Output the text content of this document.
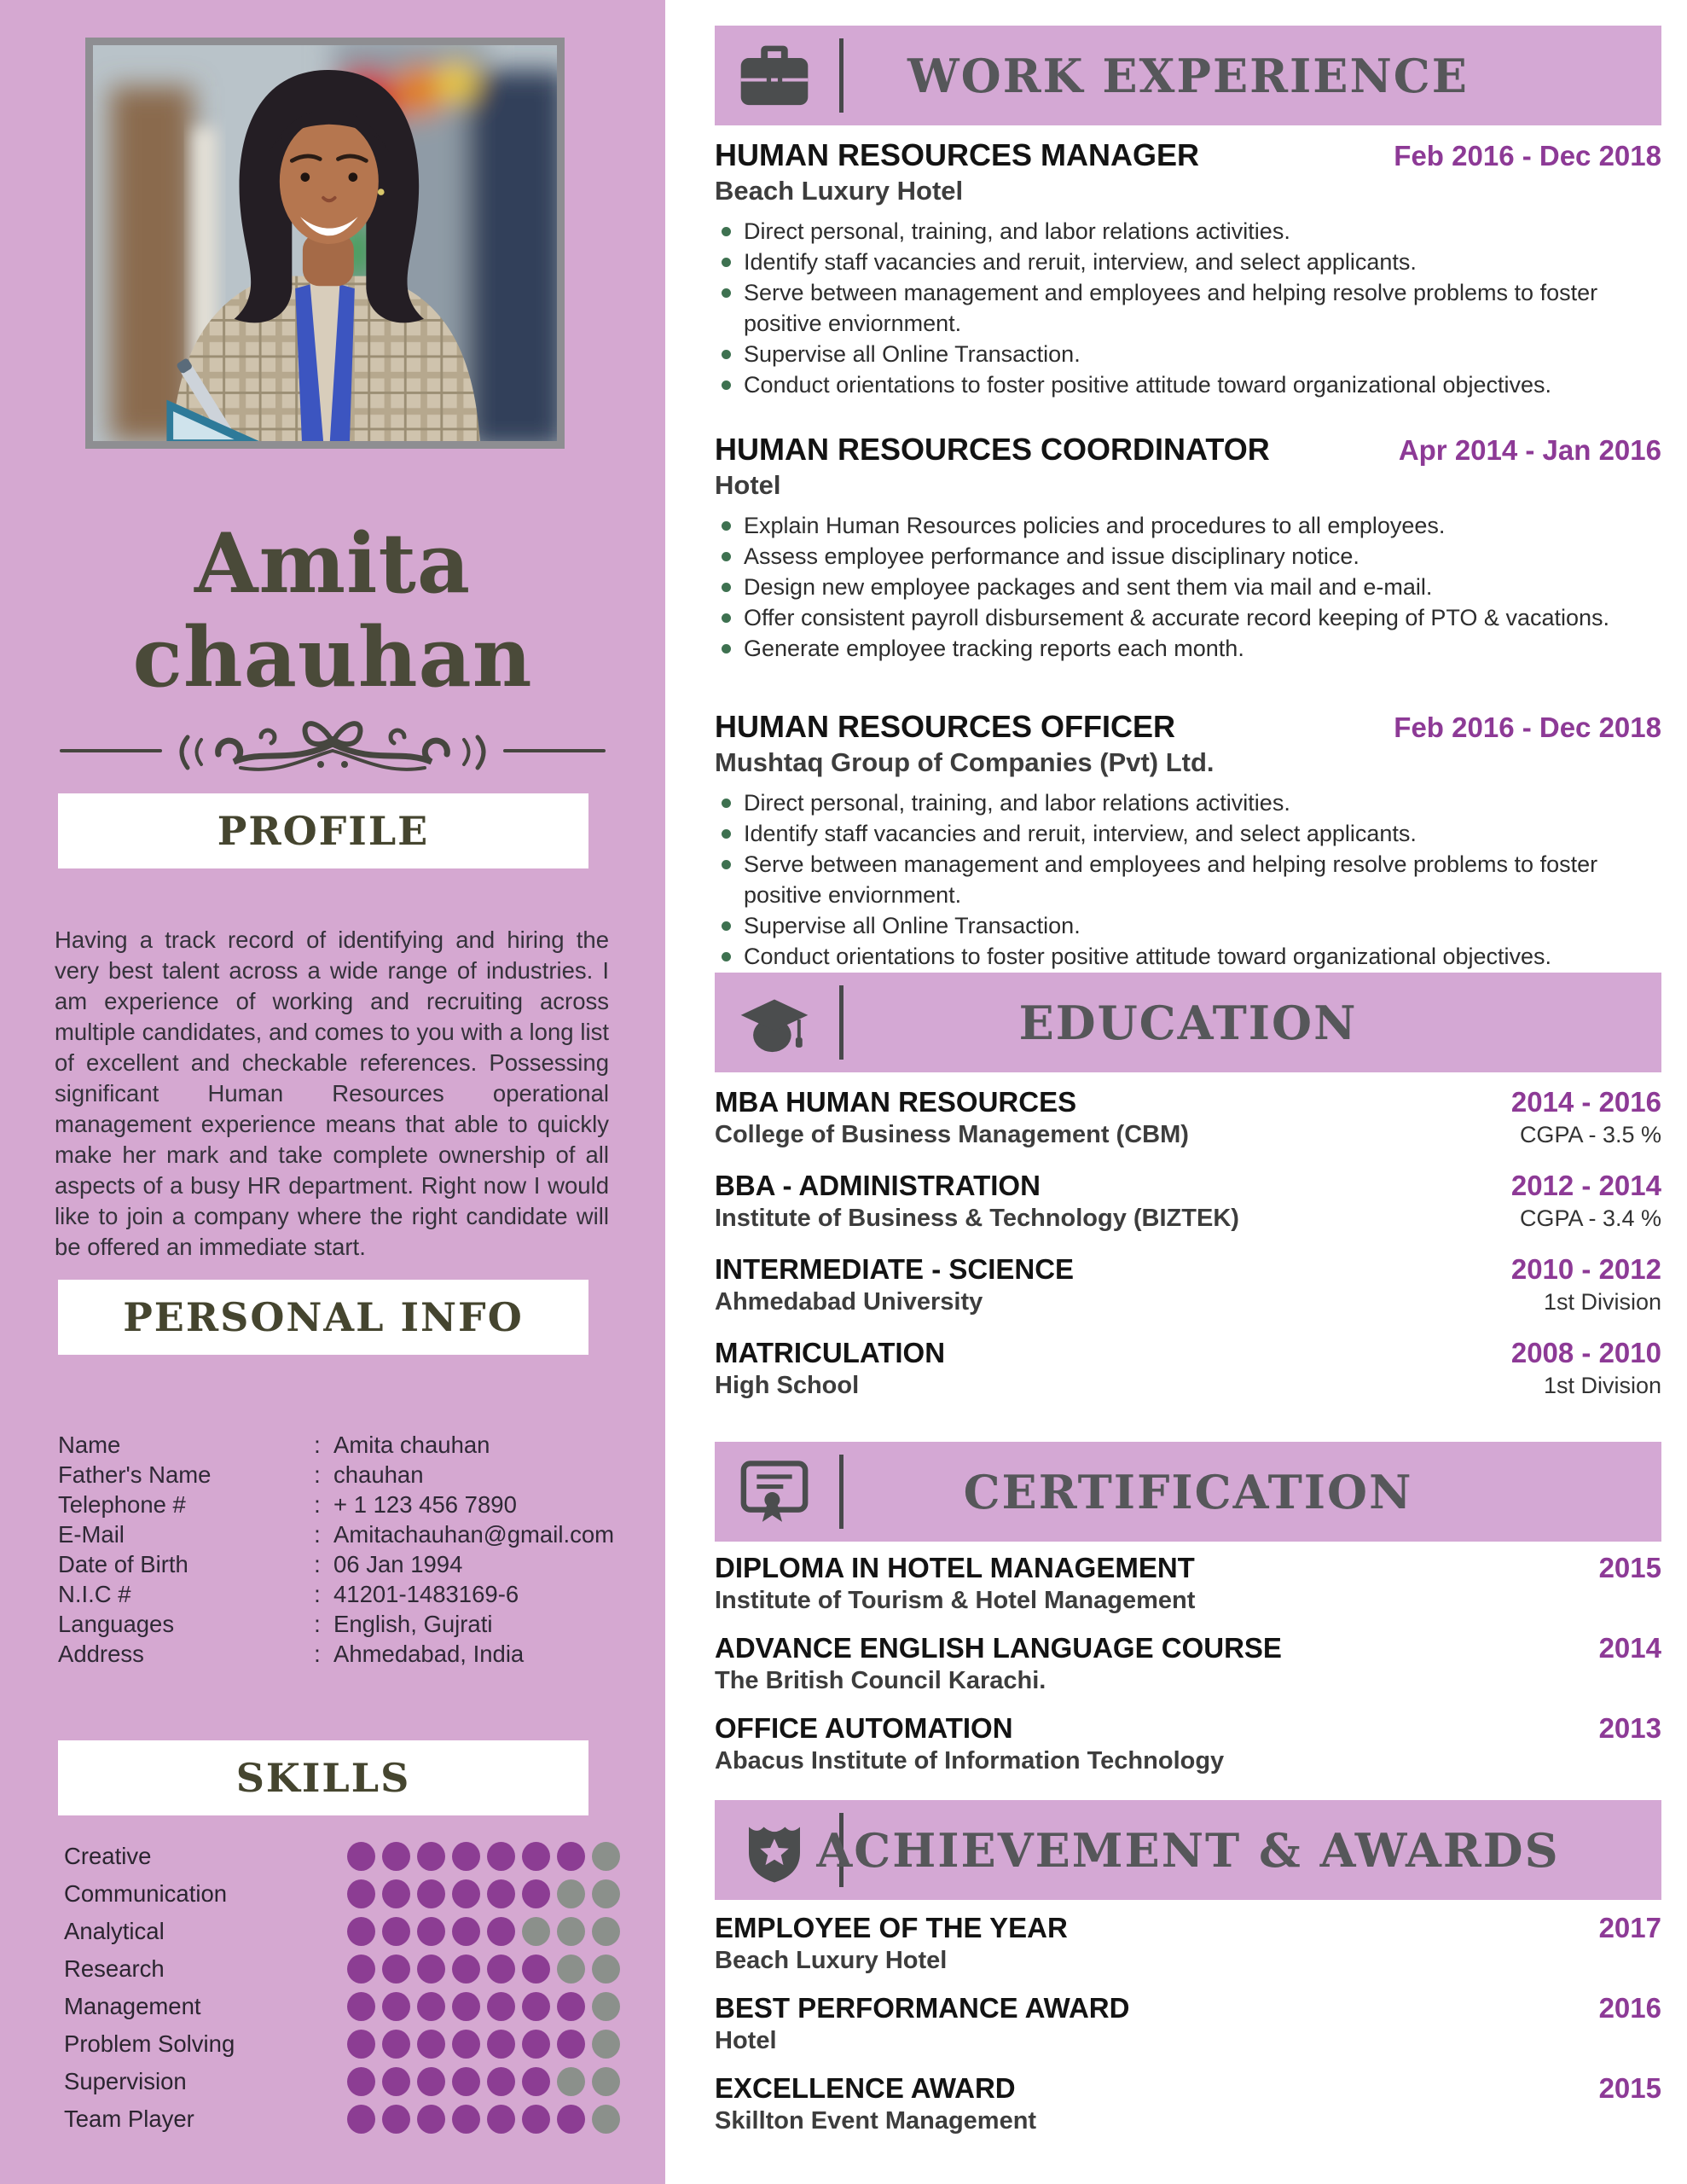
Amita
chauhan
PROFILE

Having a track record of identifying and hiring the very best talent across a wide range of industries. I am experience of working and recruiting across multiple candidates, and comes to you with a long list of excellent and checkable references. Possessing significant Human Resources operational management experience means that able to quickly make her mark and take complete ownership of all aspects of a busy HR department. Right now I would like to join a company where the right candidate will be offered an immediate start.

PERSONAL INFO
Name	: Amita chauhan
Father's Name	: chauhan
Telephone #	: + 1 123 456 7890
E-Mail	: Amitachauhan@gmail.com
Date of Birth	: 06 Jan 1994
N.I.C #	: 41201-1483169-6
Languages	: English, Gujrati
Address	: Ahmedabad, India
SKILLS
Creative
Communication
Analytical
Research
Management
Problem Solving
Supervision
Team Player
WORK EXPERIENCE
HUMAN RESOURCES MANAGER	Feb 2016 - Dec 2018
Beach Luxury Hotel
Direct personal, training, and labor relations activities.
Identify staff vacancies and reruit, interview, and select applicants.
Serve between management and employees and helping resolve problems to foster positive enviornment.
Supervise all Online Transaction.
Conduct orientations to foster positive attitude toward organizational objectives.
HUMAN RESOURCES COORDINATOR	Apr 2014 - Jan 2016
Hotel
Explain Human Resources policies and procedures to all employees.
Assess employee performance and issue disciplinary notice.
Design new employee packages and sent them via mail and e-mail.
Offer consistent payroll disbursement & accurate record keeping of PTO & vacations.
Generate employee tracking reports each month.
HUMAN RESOURCES OFFICER	Feb 2016 - Dec 2018
Mushtaq Group of Companies (Pvt) Ltd.
Direct personal, training, and labor relations activities.
Identify staff vacancies and reruit, interview, and select applicants.
Serve between management and employees and helping resolve problems to foster positive enviornment.
Supervise all Online Transaction.
Conduct orientations to foster positive attitude toward organizational objectives.
EDUCATION
MBA HUMAN RESOURCES	2014 - 2016
College of Business Management (CBM)	CGPA - 3.5 %
BBA - ADMINISTRATION	2012 - 2014
Institute of Business & Technology (BIZTEK)	CGPA - 3.4 %
INTERMEDIATE - SCIENCE	2010 - 2012
Ahmedabad University	1st Division
MATRICULATION	2008 - 2010
High School	1st Division
CERTIFICATION
DIPLOMA IN HOTEL MANAGEMENT	2015
Institute of Tourism & Hotel Management
ADVANCE ENGLISH LANGUAGE COURSE	2014
The British Council Karachi.
OFFICE AUTOMATION	2013
Abacus Institute of Information Technology
ACHIEVEMENT & AWARDS
EMPLOYEE OF THE YEAR	2017
Beach Luxury Hotel
BEST PERFORMANCE AWARD	2016
Hotel
EXCELLENCE AWARD	2015
Skillton Event Management
